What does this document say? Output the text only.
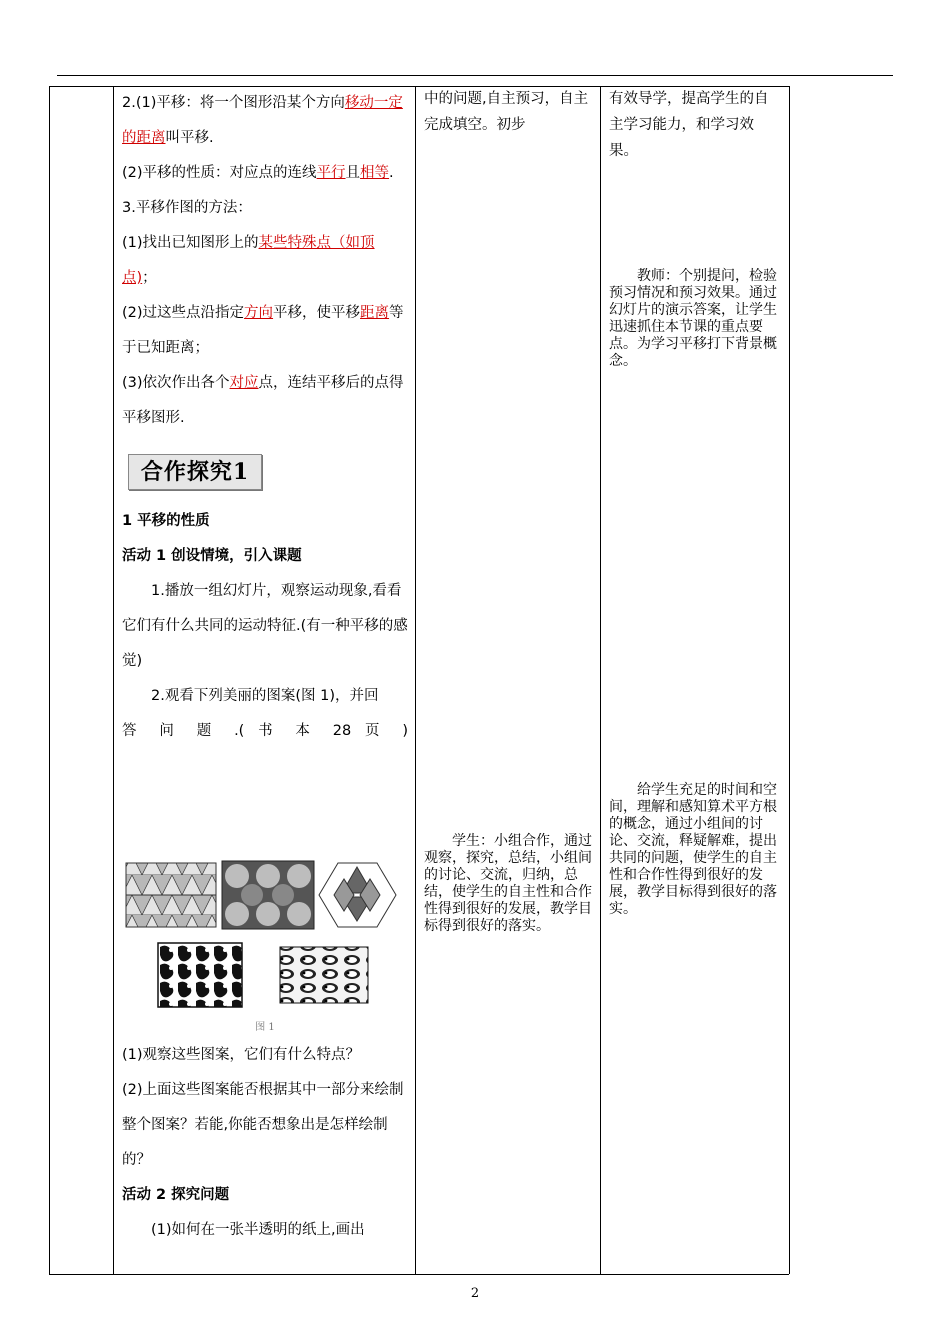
2.(1)平移：将一个图形沿某个方向移动一定的距离叫平移.

(2)平移的性质：对应点的连线平行且相等.

3.平移作图的方法：

(1)找出已知图形上的某些特殊点（如顶点)；

(2)过这些点沿指定方向平移，使平移距离等于已知距离；

(3)依次作出各个对应点，连结平移后的点得平移图形.

合作探究1

1 平移的性质

活动 1 创设情境，引入课题

1.播放一组幻灯片，观察运动现象,看看它们有什么共同的运动特征.(有一种平移的感觉)

2.观看下列美丽的图案(图 1)，并回

答 问 题 .( 书 本 28 页 )

图 1

(1)观察这些图案，它们有什么特点？

(2)上面这些图案能否根据其中一部分来绘制整个图案？若能,你能否想象出是怎样绘制的？

活动 2 探究问题

(1)如何在一张半透明的纸上,画出

中的问题,自主预习，自主完成填空。初步
学生：小组合作，通过观察，探究，总结，小组间的讨论、交流，归纳，总结，使学生的自主性和合作性得到很好的发展，教学目标得到很好的落实。
有效导学，提高学生的自主学习能力，和学习效果。
教师：个别提问，检验预习情况和预习效果。通过幻灯片的演示答案，让学生迅速抓住本节课的重点要点。为学习平移打下背景概念。
给学生充足的时间和空间，理解和感知算术平方根的概念，通过小组间的讨论、交流，释疑解难，提出共同的问题，使学生的自主性和合作性得到很好的发展，教学目标得到很好的落实。
2
